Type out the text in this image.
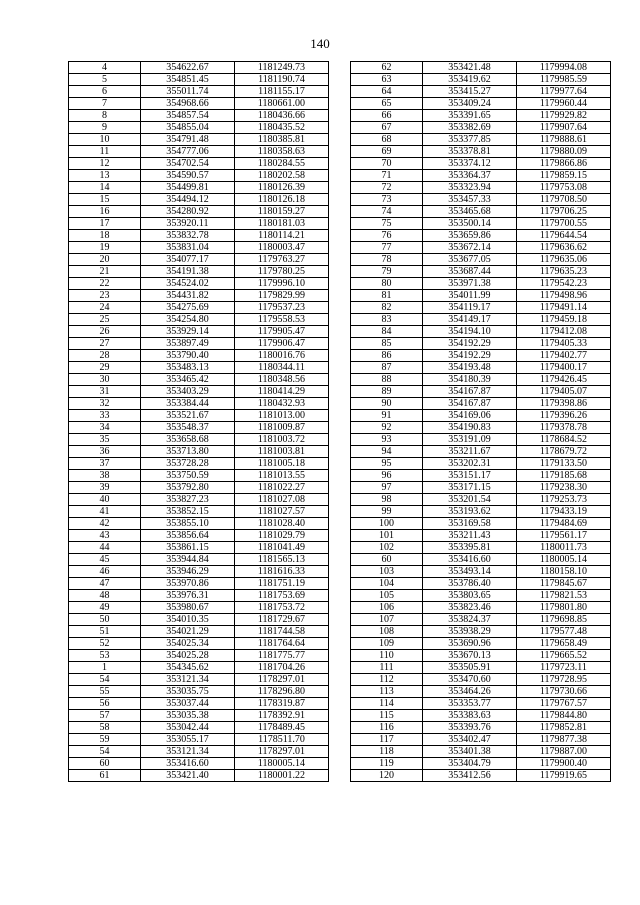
140
4	354622.67	1181249.73
5	354851.45	1181190.74
6	355011.74	1181155.17
7	354968.66	1180661.00
8	354857.54	1180436.66
9	354855.04	1180435.52
10	354791.48	1180385.81
11	354777.06	1180358.63
12	354702.54	1180284.55
13	354590.57	1180202.58
14	354499.81	1180126.39
15	354494.12	1180126.18
16	354280.92	1180159.27
17	353920.11	1180181.03
18	353832.78	1180114.21
19	353831.04	1180003.47
20	354077.17	1179763.27
21	354191.38	1179780.25
22	354524.02	1179996.10
23	354431.82	1179829.99
24	354275.69	1179537.23
25	354254.80	1179558.53
26	353929.14	1179905.47
27	353897.49	1179906.47
28	353790.40	1180016.76
29	353483.13	1180344.11
30	353465.42	1180348.56
31	353403.29	1180414.29
32	353384.44	1180432.93
33	353521.67	1181013.00
34	353548.37	1181009.87
35	353658.68	1181003.72
36	353713.80	1181003.81
37	353728.28	1181005.18
38	353750.59	1181013.55
39	353792.80	1181022.27
40	353827.23	1181027.08
41	353852.15	1181027.57
42	353855.10	1181028.40
43	353856.64	1181029.79
44	353861.15	1181041.49
45	353944.84	1181565.13
46	353946.29	1181616.33
47	353970.86	1181751.19
48	353976.31	1181753.69
49	353980.67	1181753.72
50	354010.35	1181729.67
51	354021.29	1181744.58
52	354025.34	1181764.64
53	354025.28	1181775.77
1	354345.62	1181704.26
54	353121.34	1178297.01
55	353035.75	1178296.80
56	353037.44	1178319.87
57	353035.38	1178392.91
58	353042.44	1178489.45
59	353055.17	1178511.70
54	353121.34	1178297.01
60	353416.60	1180005.14
61	353421.40	1180001.22
62	353421.48	1179994.08
63	353419.62	1179985.59
64	353415.27	1179977.64
65	353409.24	1179960.44
66	353391.65	1179929.82
67	353382.69	1179907.64
68	353377.85	1179888.61
69	353378.81	1179880.09
70	353374.12	1179866.86
71	353364.37	1179859.15
72	353323.94	1179753.08
73	353457.33	1179708.50
74	353465.68	1179706.25
75	353500.14	1179700.55
76	353659.86	1179644.54
77	353672.14	1179636.62
78	353677.05	1179635.06
79	353687.44	1179635.23
80	353971.38	1179542.23
81	354011.99	1179498.96
82	354119.17	1179491.14
83	354149.17	1179459.18
84	354194.10	1179412.08
85	354192.29	1179405.33
86	354192.29	1179402.77
87	354193.48	1179400.17
88	354180.39	1179426.45
89	354167.87	1179405.07
90	354167.87	1179398.86
91	354169.06	1179396.26
92	354190.83	1179378.78
93	353191.09	1178684.52
94	353211.67	1178679.72
95	353202.31	1179133.50
96	353151.17	1179185.68
97	353171.15	1179238.30
98	353201.54	1179253.73
99	353193.62	1179433.19
100	353169.58	1179484.69
101	353211.43	1179561.17
102	353395.81	1180011.73
60	353416.60	1180005.14
103	353493.14	1180158.10
104	353786.40	1179845.67
105	353803.65	1179821.53
106	353823.46	1179801.80
107	353824.37	1179698.85
108	353938.29	1179577.48
109	353690.96	1179658.49
110	353670.13	1179665.52
111	353505.91	1179723.11
112	353470.60	1179728.95
113	353464.26	1179730.66
114	353353.77	1179767.57
115	353383.63	1179844.80
116	353393.76	1179852.81
117	353402.47	1179877.38
118	353401.38	1179887.00
119	353404.79	1179900.40
120	353412.56	1179919.65
